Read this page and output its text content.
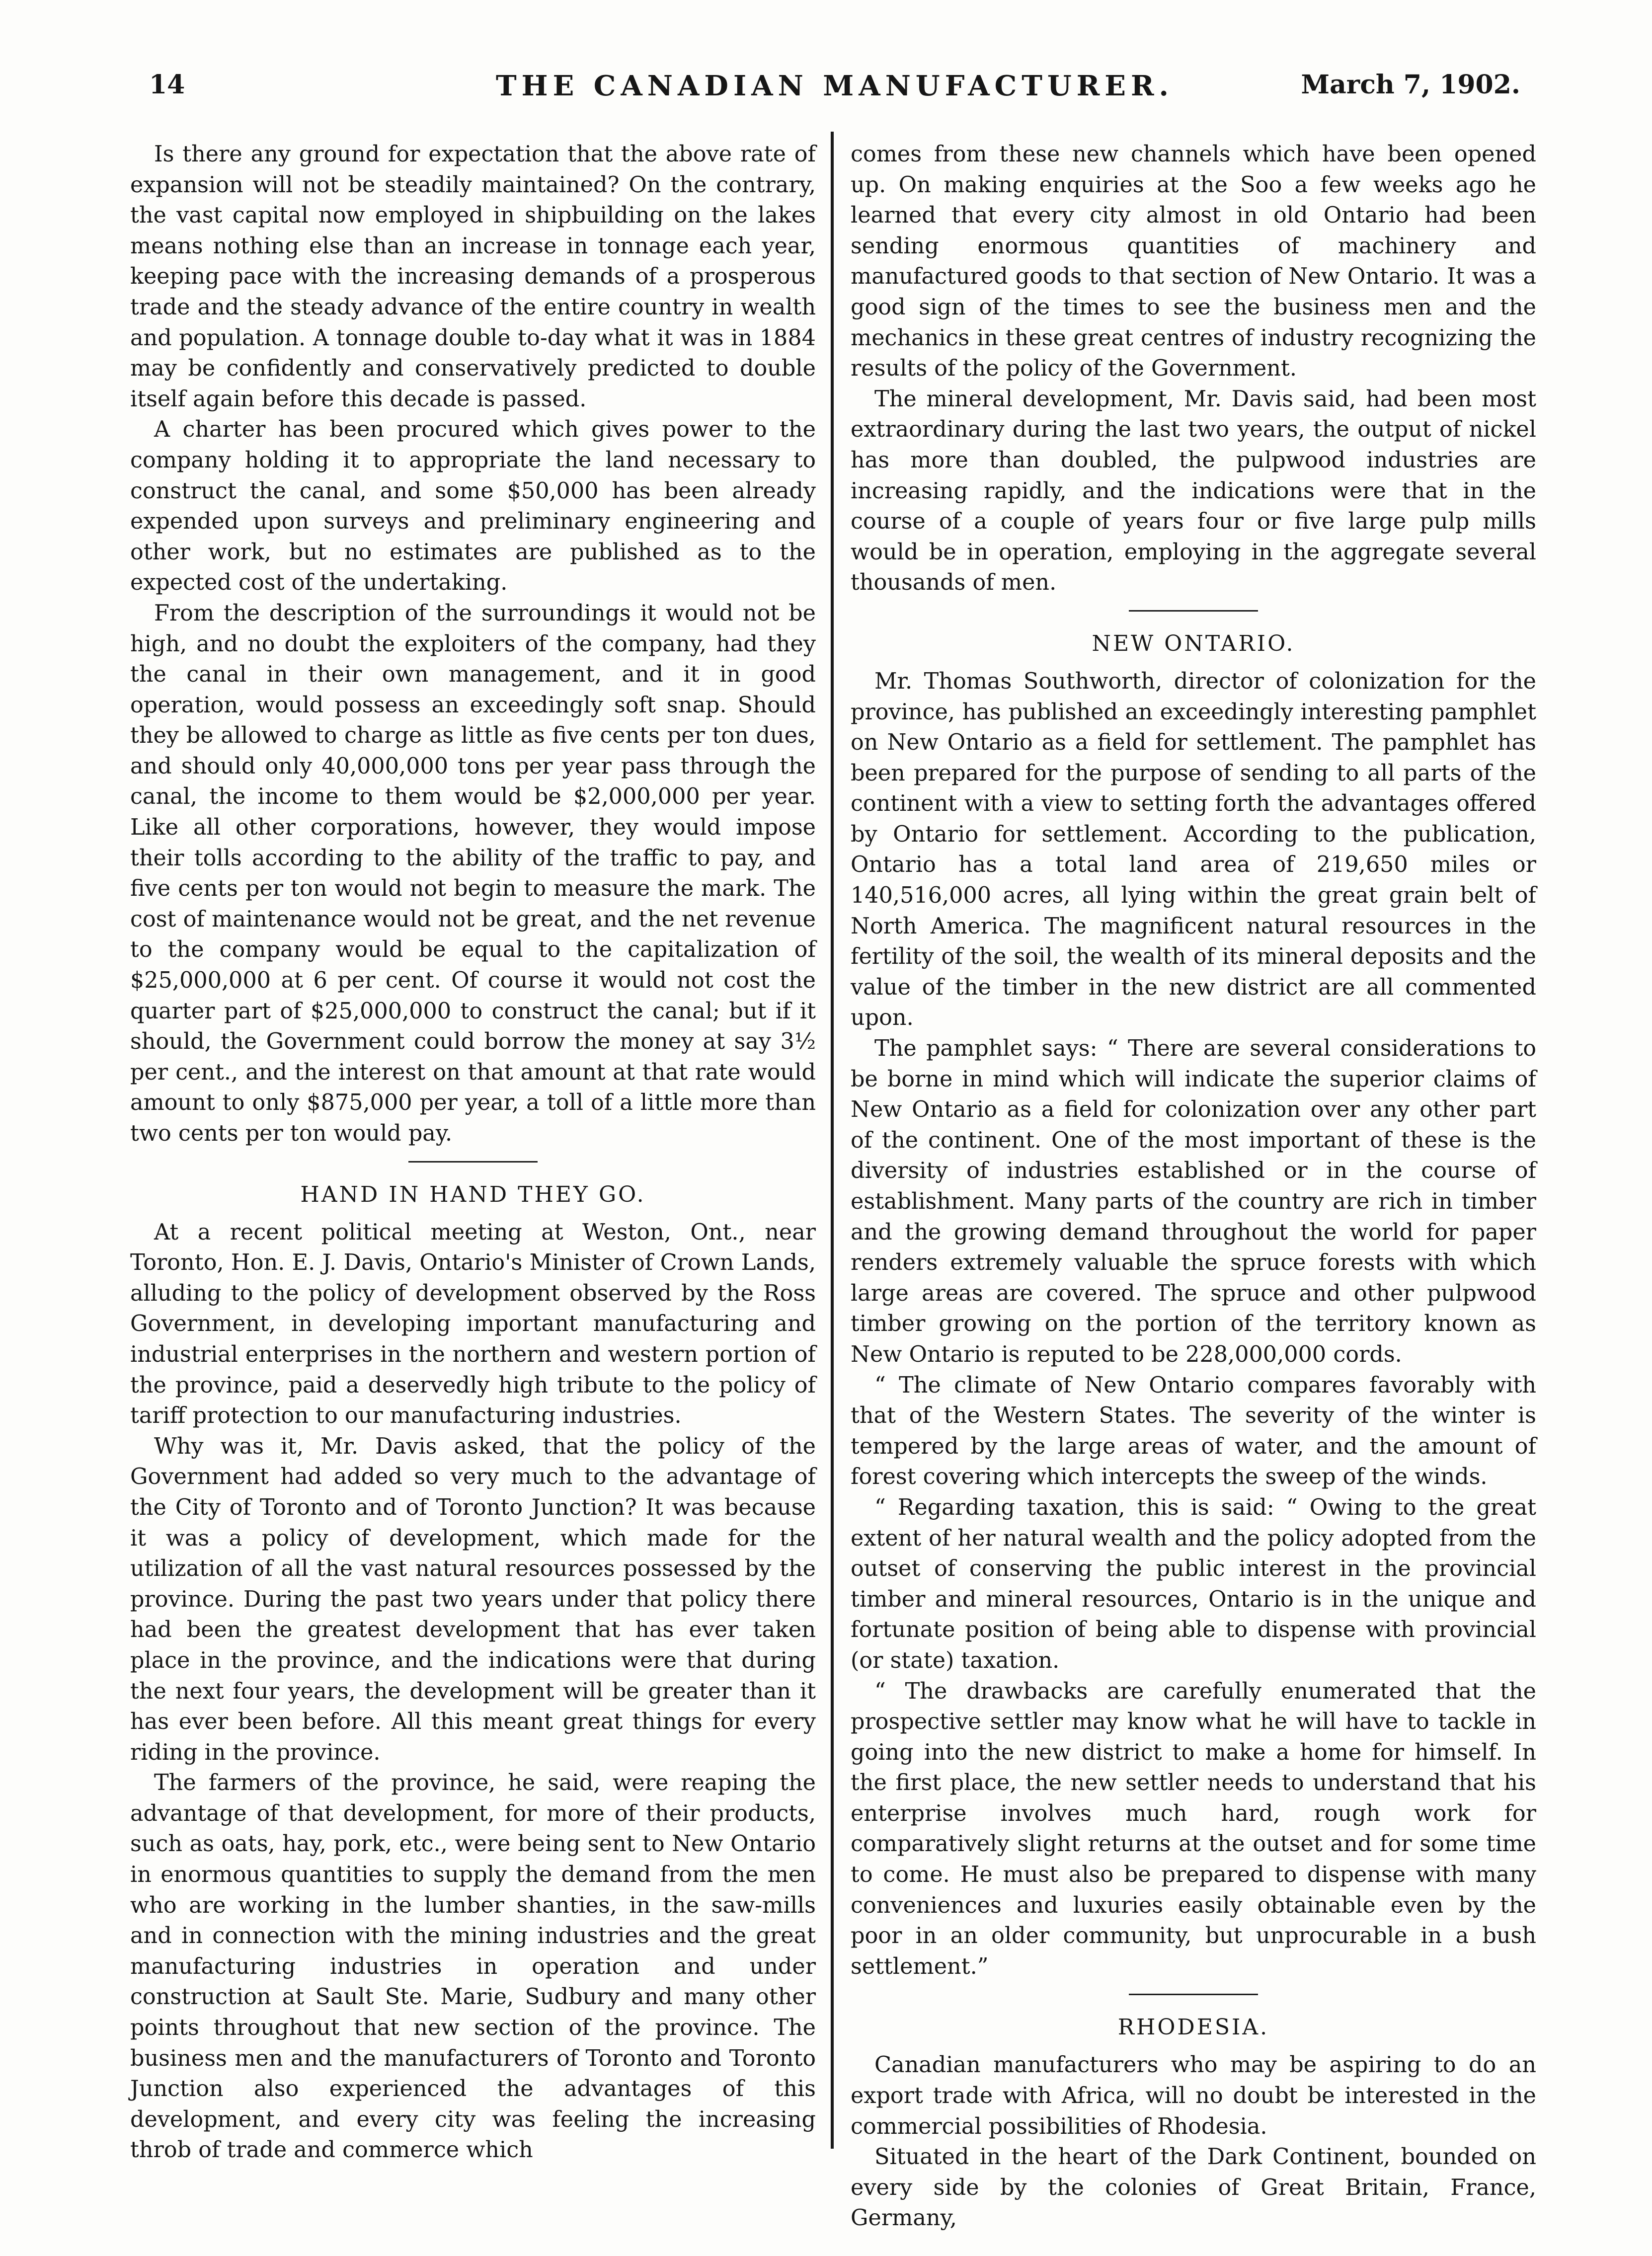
14	THE CANADIAN MANUFACTURER.	March 7, 1902.

Is there any ground for expectation that the above rate of expansion will not be steadily maintained? On the contrary, the vast capital now employed in shipbuilding on the lakes means nothing else than an increase in tonnage each year, keeping pace with the increasing demands of a prosperous trade and the steady advance of the entire country in wealth and population. A tonnage double to-day what it was in 1884 may be confidently and conservatively predicted to double itself again before this decade is passed.

A charter has been procured which gives power to the company holding it to appropriate the land necessary to construct the canal, and some $50,000 has been already expended upon surveys and preliminary engineering and other work, but no estimates are published as to the expected cost of the undertaking.

From the description of the surroundings it would not be high, and no doubt the exploiters of the company, had they the canal in their own management, and it in good operation, would possess an exceedingly soft snap. Should they be allowed to charge as little as five cents per ton dues, and should only 40,000,000 tons per year pass through the canal, the income to them would be $2,000,000 per year. Like all other corporations, however, they would impose their tolls according to the ability of the traffic to pay, and five cents per ton would not begin to measure the mark. The cost of maintenance would not be great, and the net revenue to the company would be equal to the capitalization of $25,000,000 at 6 per cent. Of course it would not cost the quarter part of $25,000,000 to construct the canal; but if it should, the Government could borrow the money at say 3½ per cent., and the interest on that amount at that rate would amount to only $875,000 per year, a toll of a little more than two cents per ton would pay.

HAND IN HAND THEY GO.

At a recent political meeting at Weston, Ont., near Toronto, Hon. E. J. Davis, Ontario's Minister of Crown Lands, alluding to the policy of development observed by the Ross Government, in developing important manufacturing and industrial enterprises in the northern and western portion of the province, paid a deservedly high tribute to the policy of tariff protection to our manufacturing industries.

Why was it, Mr. Davis asked, that the policy of the Government had added so very much to the advantage of the City of Toronto and of Toronto Junction? It was because it was a policy of development, which made for the utilization of all the vast natural resources possessed by the province. During the past two years under that policy there had been the greatest development that has ever taken place in the province, and the indications were that during the next four years, the development will be greater than it has ever been before. All this meant great things for every riding in the province.

The farmers of the province, he said, were reaping the advantage of that development, for more of their products, such as oats, hay, pork, etc., were being sent to New Ontario in enormous quantities to supply the demand from the men who are working in the lumber shanties, in the saw-mills and in connection with the mining industries and the great manufacturing industries in operation and under construction at Sault Ste. Marie, Sudbury and many other points throughout that new section of the province. The business men and the manufacturers of Toronto and Toronto Junction also experienced the advantages of this development, and every city was feeling the increasing throb of trade and commerce which

comes from these new channels which have been opened up. On making enquiries at the Soo a few weeks ago he learned that every city almost in old Ontario had been sending enormous quantities of machinery and manufactured goods to that section of New Ontario. It was a good sign of the times to see the business men and the mechanics in these great centres of industry recognizing the results of the policy of the Government.

The mineral development, Mr. Davis said, had been most extraordinary during the last two years, the output of nickel has more than doubled, the pulpwood industries are increasing rapidly, and the indications were that in the course of a couple of years four or five large pulp mills would be in operation, employing in the aggregate several thousands of men.

NEW ONTARIO.

Mr. Thomas Southworth, director of colonization for the province, has published an exceedingly interesting pamphlet on New Ontario as a field for settlement. The pamphlet has been prepared for the purpose of sending to all parts of the continent with a view to setting forth the advantages offered by Ontario for settlement. According to the publication, Ontario has a total land area of 219,650 miles or 140,516,000 acres, all lying within the great grain belt of North America. The magnificent natural resources in the fertility of the soil, the wealth of its mineral deposits and the value of the timber in the new district are all commented upon.

The pamphlet says: “ There are several considerations to be borne in mind which will indicate the superior claims of New Ontario as a field for colonization over any other part of the continent. One of the most important of these is the diversity of industries established or in the course of establishment. Many parts of the country are rich in timber and the growing demand throughout the world for paper renders extremely valuable the spruce forests with which large areas are covered. The spruce and other pulpwood timber growing on the portion of the territory known as New Ontario is reputed to be 228,000,000 cords.

“ The climate of New Ontario compares favorably with that of the Western States. The severity of the winter is tempered by the large areas of water, and the amount of forest covering which intercepts the sweep of the winds.

“ Regarding taxation, this is said: “ Owing to the great extent of her natural wealth and the policy adopted from the outset of conserving the public interest in the provincial timber and mineral resources, Ontario is in the unique and fortunate position of being able to dispense with provincial (or state) taxation.

“ The drawbacks are carefully enumerated that the prospective settler may know what he will have to tackle in going into the new district to make a home for himself. In the first place, the new settler needs to understand that his enterprise involves much hard, rough work for comparatively slight returns at the outset and for some time to come. He must also be prepared to dispense with many conveniences and luxuries easily obtainable even by the poor in an older community, but unprocurable in a bush settlement.”

RHODESIA.

Canadian manufacturers who may be aspiring to do an export trade with Africa, will no doubt be interested in the commercial possibilities of Rhodesia.

Situated in the heart of the Dark Continent, bounded on every side by the colonies of Great Britain, France, Germany,
